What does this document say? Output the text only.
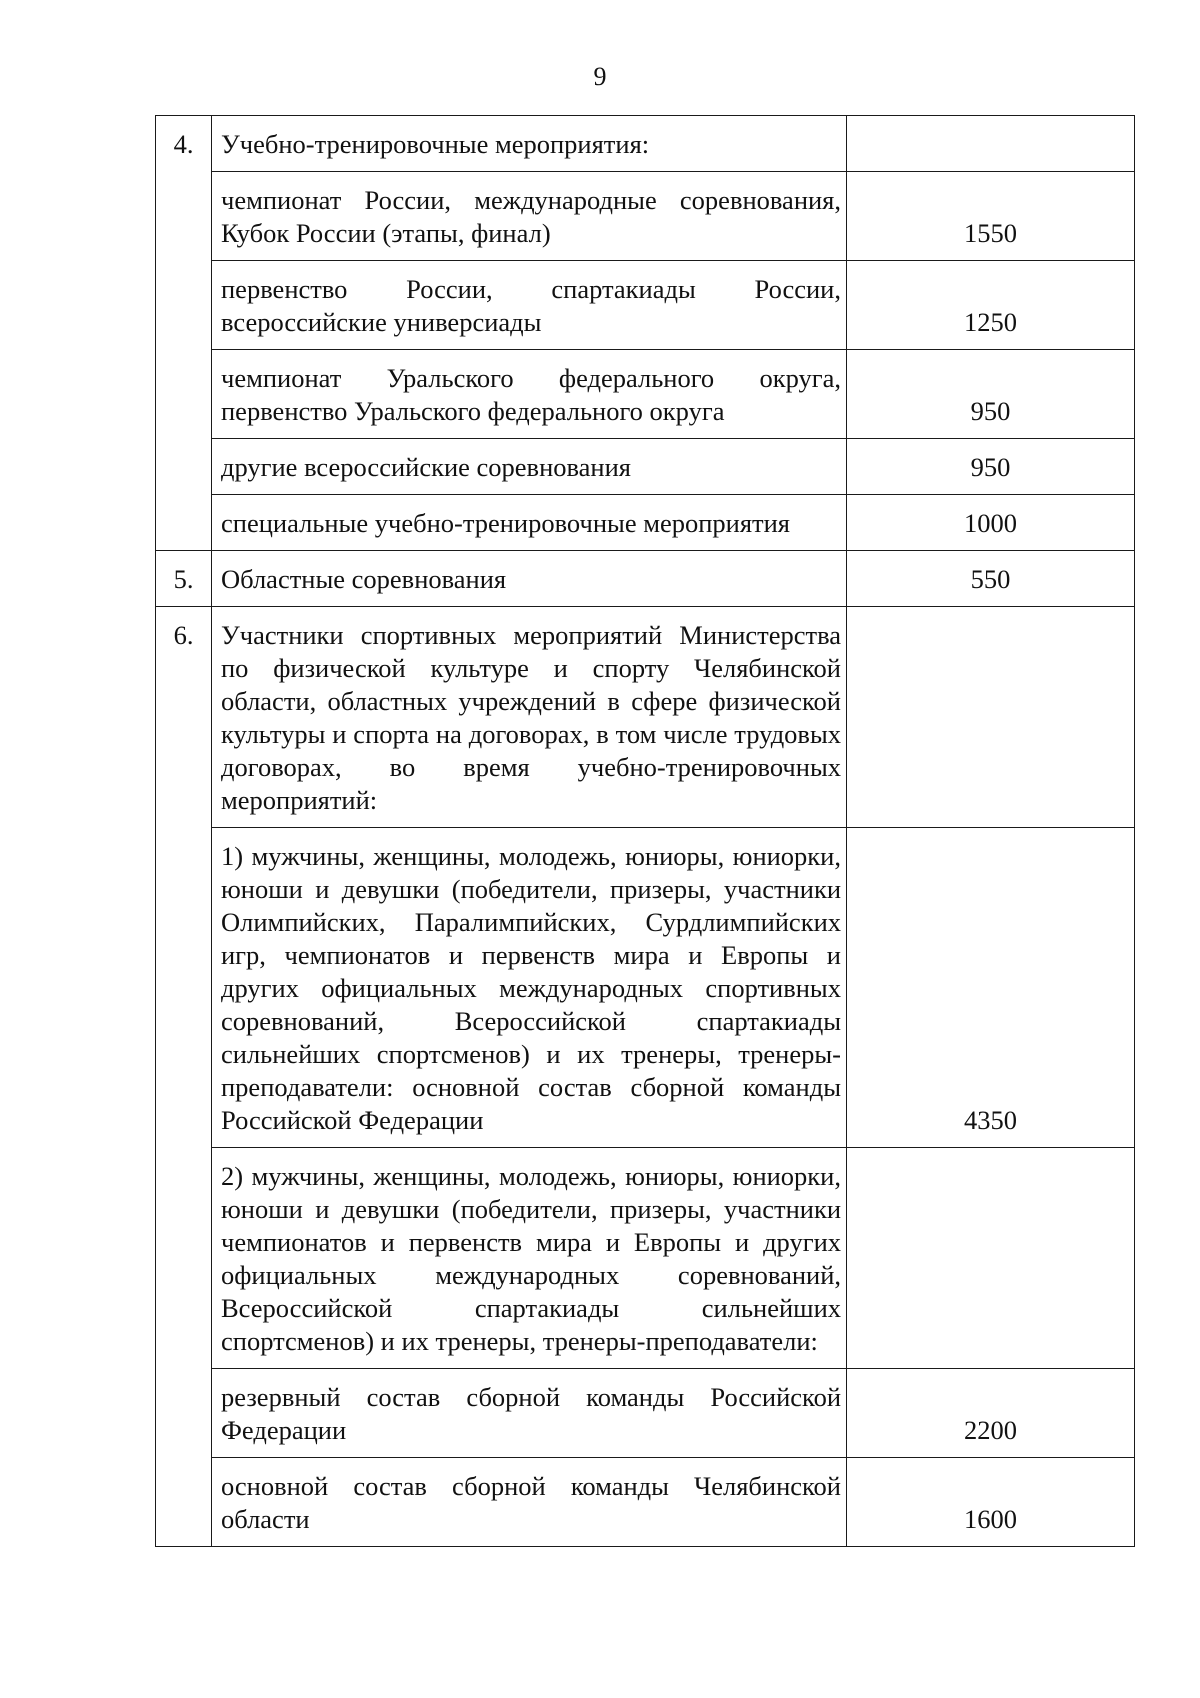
9
4.	Учебно-тренировочные мероприятия:	
	чемпионат России, международные соревнования, Кубок России (этапы, финал)	1550
	первенство России, спартакиады России, всероссийские универсиады	1250
	чемпионат Уральского федерального округа, первенство Уральского федерального округа	950
	другие всероссийские соревнования	950
	специальные учебно-тренировочные мероприятия	1000
5.	Областные соревнования	550
6.	Участники спортивных мероприятий Министерства по физической культуре и спорту Челябинской области, областных учреждений в сфере физической культуры и спорта на договорах, в том числе трудовых договорах, во время учебно-тренировочных мероприятий:	
	1) мужчины, женщины, молодежь, юниоры, юниорки, юноши и девушки (победители, призеры, участники Олимпийских, Паралимпийских, Сурдлимпийских игр, чемпионатов и первенств мира и Европы и других официальных международных спортивных соревнований, Всероссийской спартакиады сильнейших спортсменов) и их тренеры, тренеры-преподаватели: основной состав сборной команды Российской Федерации	4350
	2) мужчины, женщины, молодежь, юниоры, юниорки, юноши и девушки (победители, призеры, участники чемпионатов и первенств мира и Европы и других официальных международных соревнований, Всероссийской спартакиады сильнейших спортсменов) и их тренеры, тренеры-преподаватели:	
	резервный состав сборной команды Российской Федерации	2200
	основной состав сборной команды Челябинской области	1600
